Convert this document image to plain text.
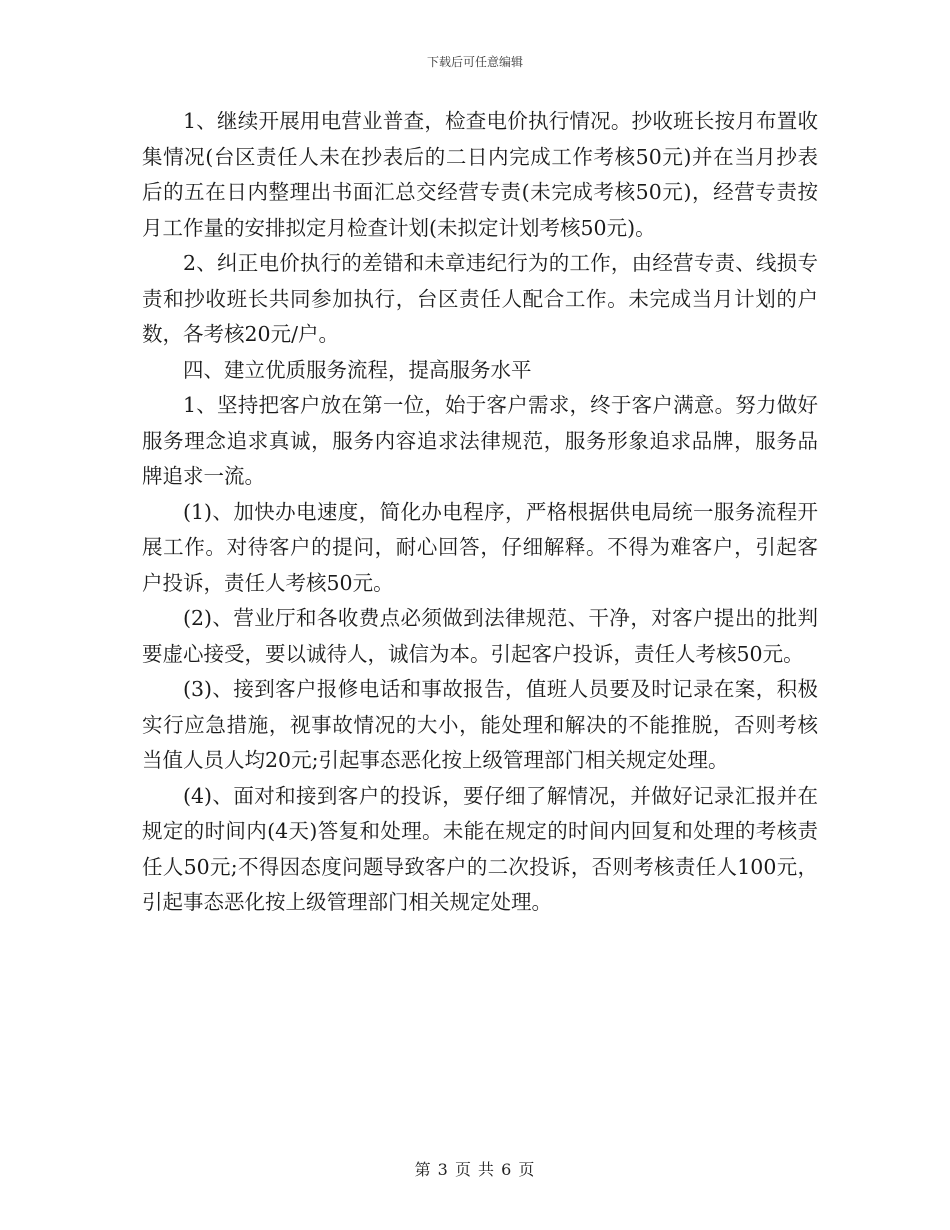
下载后可任意编辑

1、继续开展用电营业普查，检查电价执行情况。抄收班长按月布置收集情况(台区责任人未在抄表后的二日内完成工作考核50元)并在当月抄表后的五在日内整理出书面汇总交经营专责(未完成考核50元)，经营专责按月工作量的安排拟定月检查计划(未拟定计划考核50元)。

2、纠正电价执行的差错和未章违纪行为的工作，由经营专责、线损专责和抄收班长共同参加执行，台区责任人配合工作。未完成当月计划的户数，各考核20元/户。

四、建立优质服务流程，提高服务水平

1、坚持把客户放在第一位，始于客户需求，终于客户满意。努力做好服务理念追求真诚，服务内容追求法律规范，服务形象追求品牌，服务品牌追求一流。

(1)、加快办电速度，简化办电程序，严格根据供电局统一服务流程开展工作。对待客户的提问，耐心回答，仔细解释。不得为难客户，引起客户投诉，责任人考核50元。

(2)、营业厅和各收费点必须做到法律规范、干净，对客户提出的批判要虚心接受，要以诚待人，诚信为本。引起客户投诉，责任人考核50元。

(3)、接到客户报修电话和事故报告，值班人员要及时记录在案，积极实行应急措施，视事故情况的大小，能处理和解决的不能推脱，否则考核当值人员人均20元;引起事态恶化按上级管理部门相关规定处理。

(4)、面对和接到客户的投诉，要仔细了解情况，并做好记录汇报并在规定的时间内(4天)答复和处理。未能在规定的时间内回复和处理的考核责任人50元;不得因态度问题导致客户的二次投诉，否则考核责任人100元，引起事态恶化按上级管理部门相关规定处理。

第 3 页 共 6 页
